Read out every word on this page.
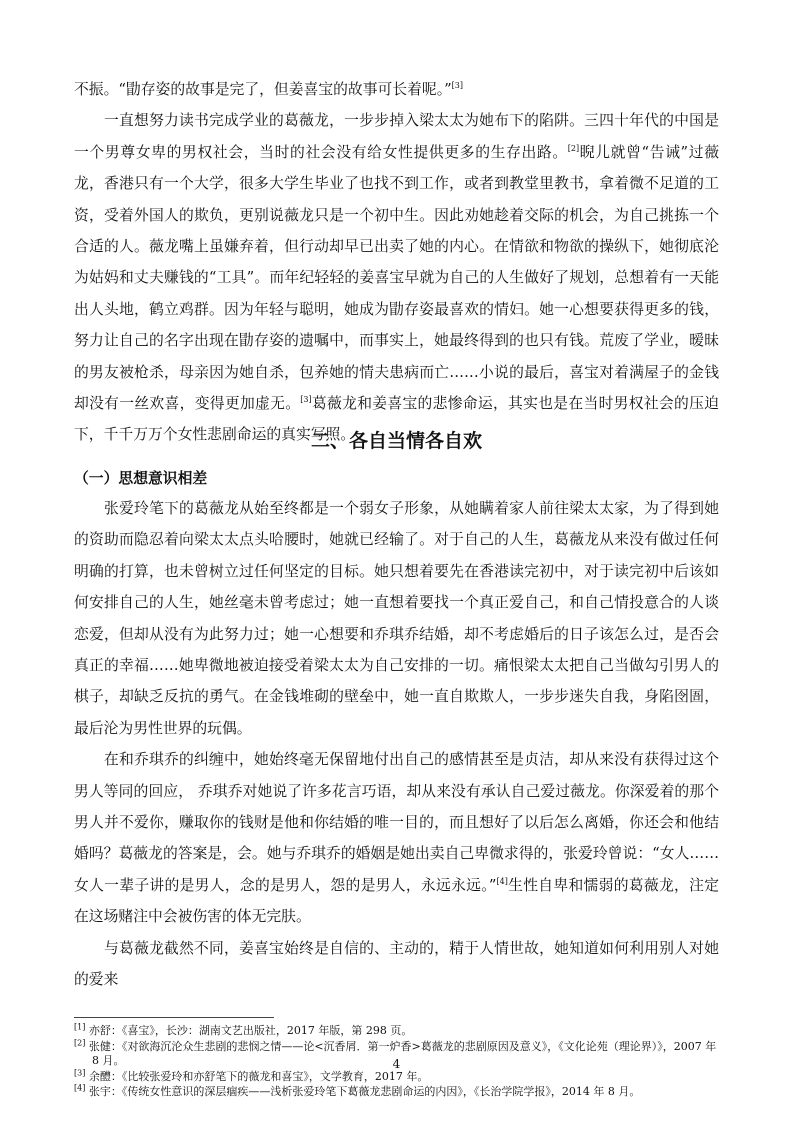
不振。“勖存姿的故事是完了，但姜喜宝的故事可长着呢。”[3]

一直想努力读书完成学业的葛薇龙，一步步掉入梁太太为她布下的陷阱。三四十年代的中国是一个男尊女卑的男权社会，当时的社会没有给女性提供更多的生存出路。[2]睨儿就曾“告诫”过薇龙，香港只有一个大学，很多大学生毕业了也找不到工作，或者到教堂里教书，拿着微不足道的工资，受着外国人的欺负，更别说薇龙只是一个初中生。因此劝她趁着交际的机会，为自己挑拣一个合适的人。薇龙嘴上虽嫌弃着，但行动却早已出卖了她的内心。在情欲和物欲的操纵下，她彻底沦为姑妈和丈夫赚钱的“工具”。而年纪轻轻的姜喜宝早就为自己的人生做好了规划，总想着有一天能出人头地，鹤立鸡群。因为年轻与聪明，她成为勖存姿最喜欢的情妇。她一心想要获得更多的钱，努力让自己的名字出现在勖存姿的遗嘱中，而事实上，她最终得到的也只有钱。荒废了学业，暧昧的男友被枪杀，母亲因为她自杀，包养她的情夫患病而亡……小说的最后，喜宝对着满屋子的金钱却没有一丝欢喜，变得更加虚无。[3]葛薇龙和姜喜宝的悲惨命运，其实也是在当时男权社会的压迫下，千千万万个女性悲剧命运的真实写照。

二、各自当情各自欢
（一）思想意识相差

张爱玲笔下的葛薇龙从始至终都是一个弱女子形象，从她瞒着家人前往梁太太家，为了得到她的资助而隐忍着向梁太太点头哈腰时，她就已经输了。对于自己的人生，葛薇龙从来没有做过任何明确的打算，也未曾树立过任何坚定的目标。她只想着要先在香港读完初中，对于读完初中后该如何安排自己的人生，她丝毫未曾考虑过；她一直想着要找一个真正爱自己，和自己情投意合的人谈恋爱，但却从没有为此努力过；她一心想要和乔琪乔结婚，却不考虑婚后的日子该怎么过，是否会真正的幸福……她卑微地被迫接受着梁太太为自己安排的一切。痛恨梁太太把自己当做勾引男人的棋子，却缺乏反抗的勇气。在金钱堆砌的壁垒中，她一直自欺欺人，一步步迷失自我，身陷囹圄，最后沦为男性世界的玩偶。

在和乔琪乔的纠缠中，她始终毫无保留地付出自己的感情甚至是贞洁，却从来没有获得过这个男人等同的回应， 乔琪乔对她说了许多花言巧语，却从来没有承认自己爱过薇龙。你深爱着的那个男人并不爱你，赚取你的钱财是他和你结婚的唯一目的，而且想好了以后怎么离婚，你还会和他结婚吗？葛薇龙的答案是，会。她与乔琪乔的婚姻是她出卖自己卑微求得的，张爱玲曾说：“女人……女人一辈子讲的是男人，念的是男人，怨的是男人，永远永远。”[4]生性自卑和懦弱的葛薇龙，注定在这场赌注中会被伤害的体无完肤。

与葛薇龙截然不同，姜喜宝始终是自信的、主动的，精于人情世故，她知道如何利用别人对她的爱来

[1] 亦舒：《喜宝》，长沙：湖南文艺出版社，2017 年版，第 298 页。

[2] 张健：《对欲海沉沦众生悲剧的悲悯之情——论<沉香屑．第一炉香>葛薇龙的悲剧原因及意义》，《文化论苑（理论界）》，2007 年 8 月。

[3] 余醴：《比较张爱玲和亦舒笔下的薇龙和喜宝》，文学教育，2017 年。

[4] 张宇：《传统女性意识的深层痼疾——浅析张爱玲笔下葛薇龙悲剧命运的内因》，《长治学院学报》，2014 年 8 月。

4
